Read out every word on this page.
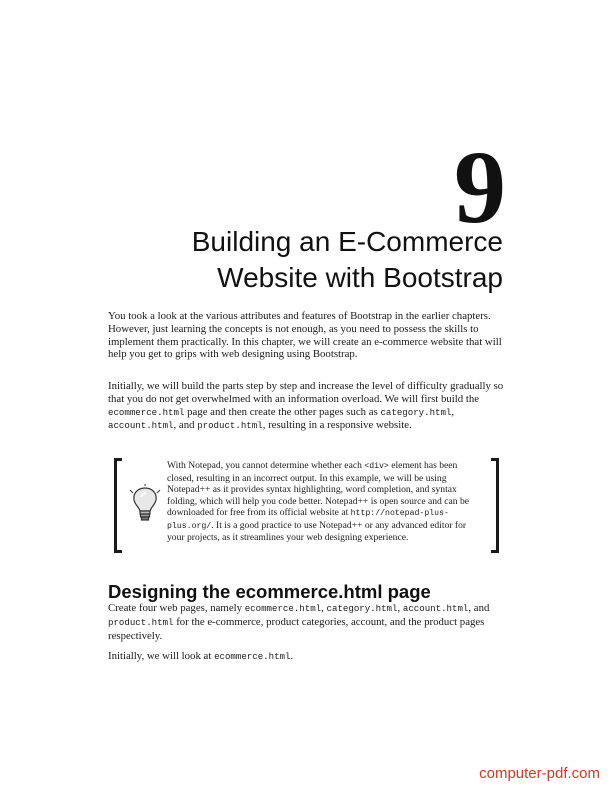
9
Building an E-Commerce
Website with Bootstrap

You took a look at the various attributes and features of Bootstrap in the earlier chapters. However, just learning the concepts is not enough, as you need to possess the skills to implement them practically. In this chapter, we will create an e-commerce website that will help you get to grips with web designing using Bootstrap.

Initially, we will build the parts step by step and increase the level of difficulty gradually so that you do not get overwhelmed with an information overload. We will first build the ecommerce.html page and then create the other pages such as category.html, account.html, and product.html, resulting in a responsive website.

With Notepad, you cannot determine whether each <div> element has been closed, resulting in an incorrect output. In this example, we will be using Notepad++ as it provides syntax highlighting, word completion, and syntax folding, which will help you code better. Notepad++ is open source and can be downloaded for free from its official website at http://notepad-plus-plus.org/. It is a good practice to use Notepad++ or any advanced editor for your projects, as it streamlines your web designing experience.

Designing the ecommerce.html page

Create four web pages, namely ecommerce.html, category.html, account.html, and product.html for the e-commerce, product categories, account, and the product pages respectively.

Initially, we will look at ecommerce.html.

computer-pdf.com
